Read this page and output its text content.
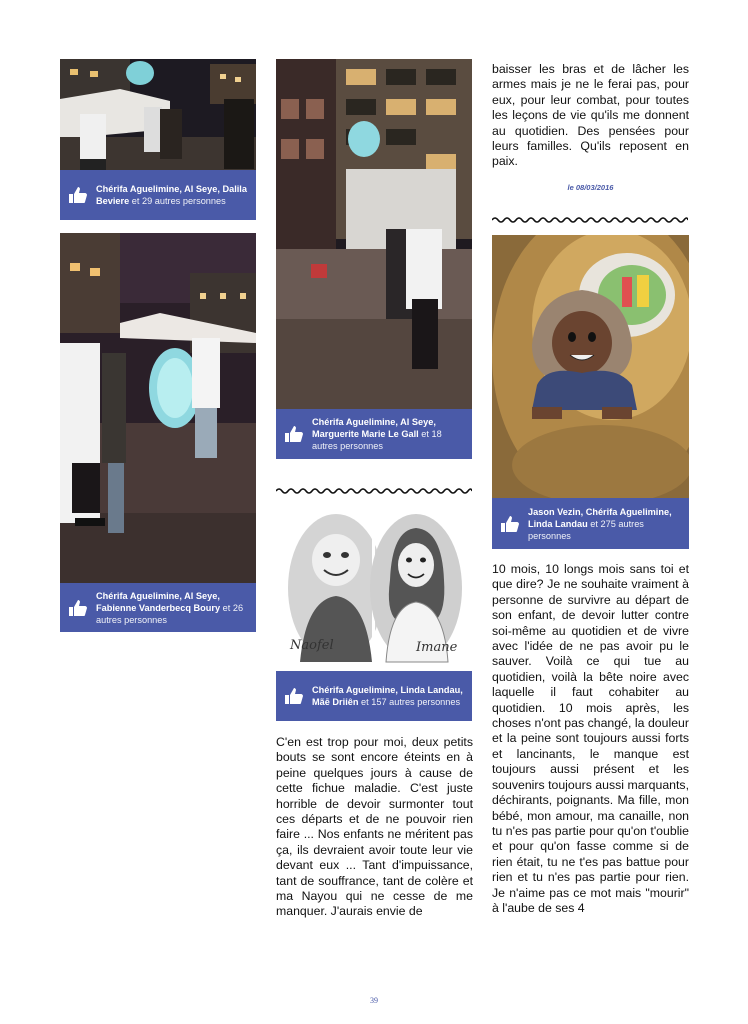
Chérifa Aguelimine, Al Seye, Dalila Beviere et 29 autres personnes
Chérifa Aguelimine, Al Seye, Fabienne Vanderbecq Boury et 26 autres personnes
Chérifa Aguelimine, Al Seye, Marguerite Marie Le Gall et 18 autres personnes
Naofel	Imane
Chérifa Aguelimine, Linda Landau, Mãē Driiên et 157 autres personnes
C'en est trop pour moi, deux petits bouts se sont encore éteints en à peine quelques jours à cause de cette fichue maladie. C'est juste horrible de devoir surmonter tout ces départs et de ne pouvoir rien faire ... Nos enfants ne méritent pas ça, ils devraient avoir toute leur vie devant eux ... Tant d'impuissance, tant de souffrance, tant de colère et ma Nayou qui ne cesse de me manquer. J'aurais envie de
baisser les bras et de lâcher les armes mais je ne le ferai pas, pour eux, pour leur combat, pour toutes les leçons de vie qu'ils me donnent au quotidien. Des pensées pour leurs familles. Qu'ils reposent en paix.
le 08/03/2016
Jason Vezin, Chérifa Aguelimine, Linda Landau et 275 autres personnes
10 mois, 10 longs mois sans toi et que dire? Je ne souhaite vraiment à personne de survivre au départ de son enfant, de devoir lutter contre soi-même au quotidien et de vivre avec l'idée de ne pas avoir pu le sauver. Voilà ce qui tue au quotidien, voilà la bête noire avec laquelle il faut cohabiter au quotidien. 10 mois après, les choses n'ont pas changé, la douleur et la peine sont toujours aussi forts et lancinants, le manque est toujours aussi présent et les souvenirs toujours aussi marquants, déchirants, poignants. Ma fille, mon bébé, mon amour, ma canaille, non tu n'es pas partie pour qu'on t'oublie et pour qu'on fasse comme si de rien était, tu ne t'es pas battue pour rien et tu n'es pas partie pour rien. Je n'aime pas ce mot mais "mourir" à l'aube de ses 4
39
